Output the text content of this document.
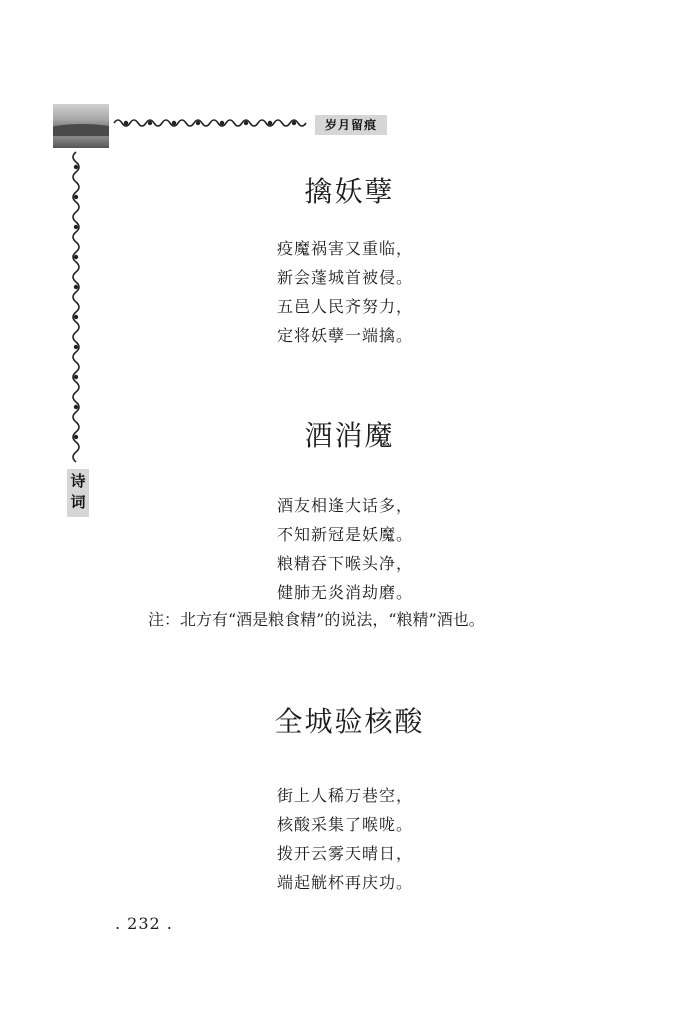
岁月留痕
诗词
擒妖孽
疫魔祸害又重临，
新会蓬城首被侵。
五邑人民齐努力，
定将妖孽一端擒。
酒消魔
酒友相逢大话多，
不知新冠是妖魔。
粮精吞下喉头净，
健肺无炎消劫磨。
注：北方有“酒是粮食精”的说法，“粮精”酒也。
全城验核酸
街上人稀万巷空，
核酸采集了喉咙。
拨开云雾天晴日，
端起觥杯再庆功。
. 232 .
